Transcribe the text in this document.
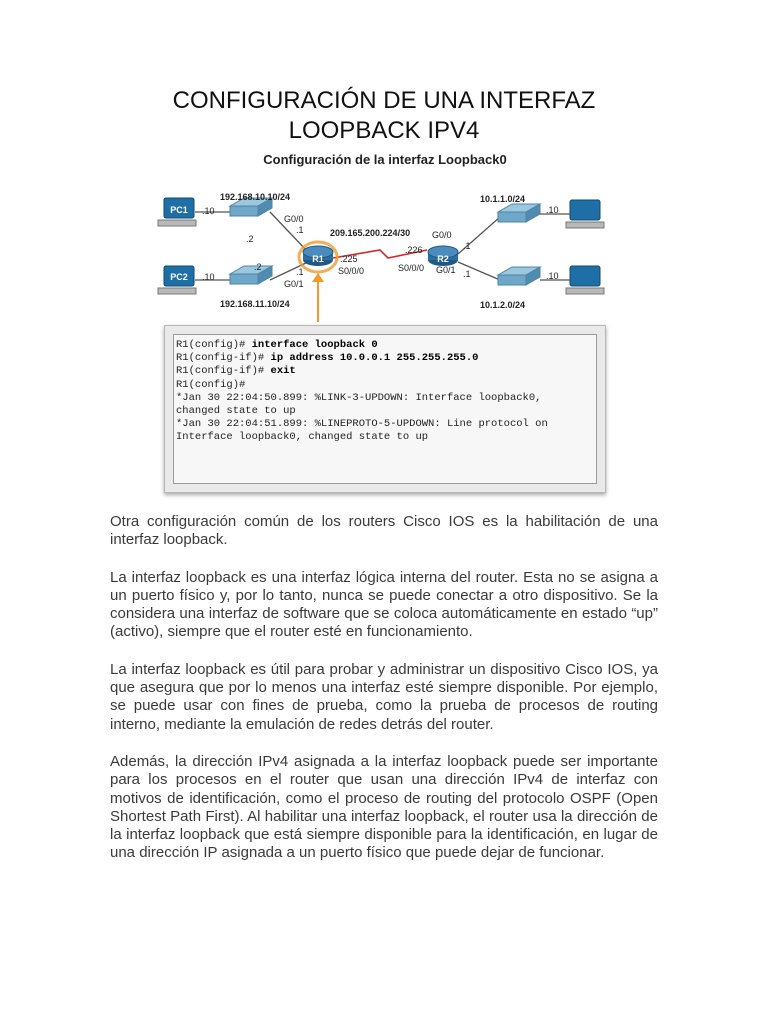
CONFIGURACIÓN DE UNA INTERFAZ
LOOPBACK IPV4
Configuración de la interfaz Loopback0
PC1
PC2
R1	R2
192.168.10.10/24
192.168.11.10/24
209.165.200.224/30
10.1.1.0/24
10.1.2.0/24
.10
.10
.2
.2
G0/0
.1
.1
G0/1
.225
S0/0/0
.226
S0/0/0
G0/0
.1
G0/1 .1
.10
.10
R1(config)# interface loopback 0
R1(config-if)# ip address 10.0.0.1 255.255.255.0
R1(config-if)# exit
R1(config)#
*Jan 30 22:04:50.899: %LINK-3-UPDOWN: Interface loopback0,
changed state to up
*Jan 30 22:04:51.899: %LINEPROTO-5-UPDOWN: Line protocol on
Interface loopback0, changed state to up

Otra configuración común de los routers Cisco IOS es la habilitación de una interfaz loopback.

La interfaz loopback es una interfaz lógica interna del router. Esta no se asigna a un puerto físico y, por lo tanto, nunca se puede conectar a otro dispositivo. Se la considera una interfaz de software que se coloca automáticamente en estado “up” (activo), siempre que el router esté en funcionamiento.

La interfaz loopback es útil para probar y administrar un dispositivo Cisco IOS, ya que asegura que por lo menos una interfaz esté siempre disponible. Por ejemplo, se puede usar con fines de prueba, como la prueba de procesos de routing interno, mediante la emulación de redes detrás del router.

Además, la dirección IPv4 asignada a la interfaz loopback puede ser importante para los procesos en el router que usan una dirección IPv4 de interfaz con motivos de identificación, como el proceso de routing del protocolo OSPF (Open Shortest Path First). Al habilitar una interfaz loopback, el router usa la dirección de la interfaz loopback que está siempre disponible para la identificación, en lugar de una dirección IP asignada a un puerto físico que puede dejar de funcionar.
